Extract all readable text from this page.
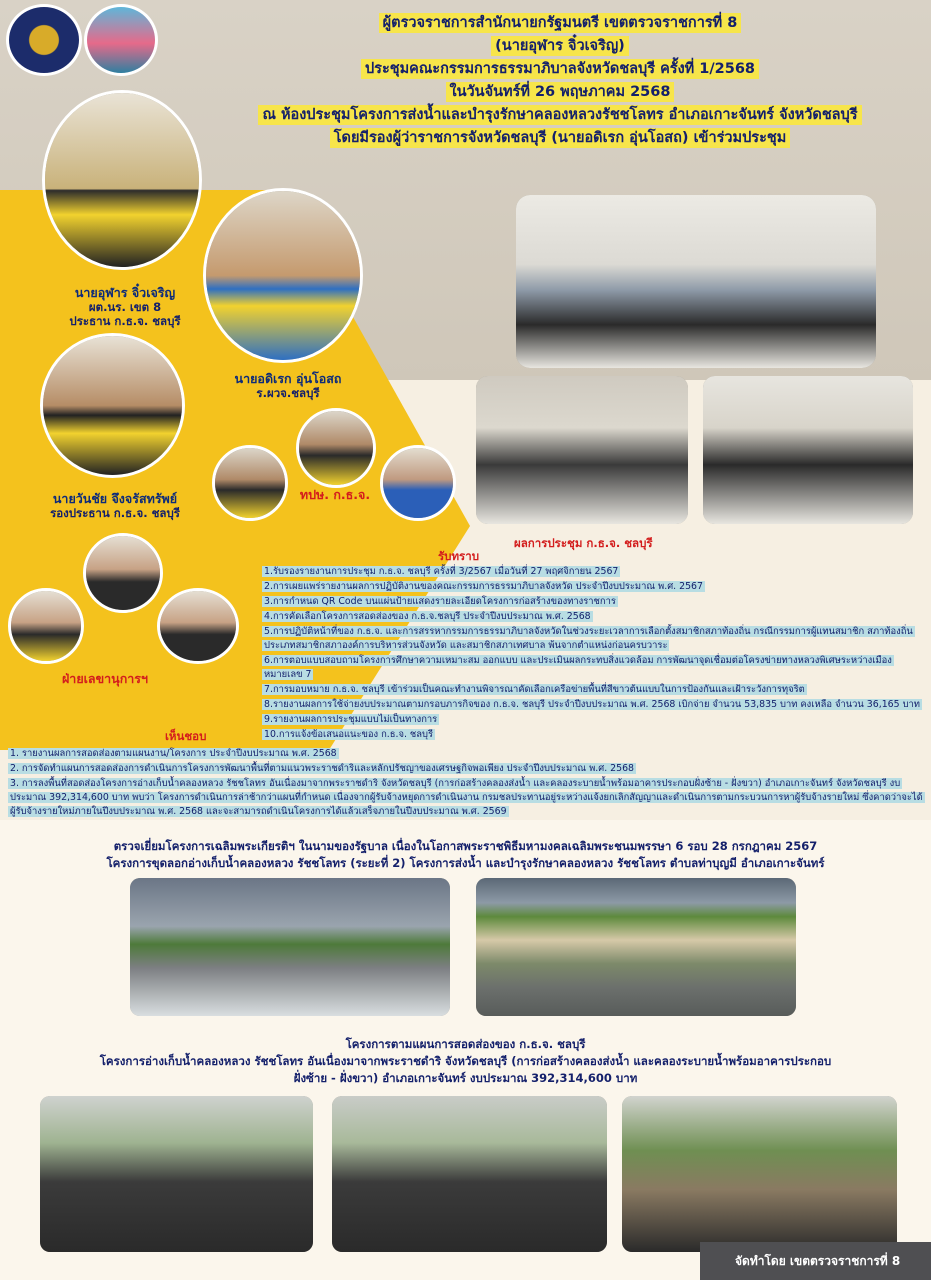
ผู้ตรวจราชการสำนักนายกรัฐมนตรี เขตตรวจราชการที่ 8
(นายอุฬาร จิ๋วเจริญ)
ประชุมคณะกรรมการธรรมาภิบาลจังหวัดชลบุรี ครั้งที่ 1/2568
ในวันจันทร์ที่ 26 พฤษภาคม 2568
ณ ห้องประชุมโครงการส่งน้ำและบำรุงรักษาคลองหลวงรัชชโลทร อำเภอเกาะจันทร์ จังหวัดชลบุรี
โดยมีรองผู้ว่าราชการจังหวัดชลบุรี (นายอดิเรก อุ่นโอสถ) เข้าร่วมประชุม
นายอุฬาร จิ๋วเจริญ
ผต.นร. เขต 8
ประธาน ก.ธ.จ. ชลบุรี
นายอดิเรก อุ่นโอสถ
ร.ผวจ.ชลบุรี
นายวันชัย จึงจรัสทรัพย์
รองประธาน ก.ธ.จ. ชลบุรี
ทปษ. ก.ธ.จ.
ฝ่ายเลขานุการฯ
ผลการประชุม ก.ธ.จ. ชลบุรี
รับทราบ
1.รับรองรายงานการประชุม ก.ธ.จ. ชลบุรี ครั้งที่ 3/2567 เมื่อวันที่ 27 พฤศจิกายน 2567
2.การเผยแพร่รายงานผลการปฏิบัติงานของคณะกรรมการธรรมาภิบาลจังหวัด ประจำปีงบประมาณ พ.ศ. 2567
3.การกำหนด QR Code บนแผ่นป้ายแสดงรายละเอียดโครงการก่อสร้างของทางราชการ
4.การคัดเลือกโครงการสอดส่องของ ก.ธ.จ.ชลบุรี ประจำปีงบประมาณ พ.ศ. 2568
5.การปฏิบัติหน้าที่ของ ก.ธ.จ. และการสรรหากรรมการธรรมาภิบาลจังหวัดในช่วงระยะเวลาการเลือกตั้งสมาชิกสภาท้องถิ่น กรณีกรรมการผู้แทนสมาชิก สภาท้องถิ่น ประเภทสมาชิกสภาองค์การบริหารส่วนจังหวัด และสมาชิกสภาเทศบาล พ้นจากตำแหน่งก่อนครบวาระ
6.การตอบแบบสอบถามโครงการศึกษาความเหมาะสม ออกแบบ และประเมินผลกระทบสิ่งแวดล้อม การพัฒนาจุดเชื่อมต่อโครงข่ายทางหลวงพิเศษระหว่างเมือง หมายเลข 7
7.การมอบหมาย ก.ธ.จ. ชลบุรี เข้าร่วมเป็นคณะทำงานพิจารณาคัดเลือกเครือข่ายพื้นที่สีขาวต้นแบบในการป้องกันและเฝ้าระวังการทุจริต
8.รายงานผลการใช้จ่ายงบประมาณตามกรอบภารกิจของ ก.ธ.จ. ชลบุรี ประจำปีงบประมาณ พ.ศ. 2568 เบิกจ่าย จำนวน 53,835 บาท คงเหลือ จำนวน 36,165 บาท
9.รายงานผลการประชุมแบบไม่เป็นทางการ
10.การแจ้งข้อเสนอแนะของ ก.ธ.จ. ชลบุรี
เห็นชอบ
1. รายงานผลการสอดส่องตามแผนงาน/โครงการ ประจำปีงบประมาณ พ.ศ. 2568
2. การจัดทำแผนการสอดส่องการดำเนินการโครงการพัฒนาพื้นที่ตามแนวพระราชดำริและหลักปรัชญาของเศรษฐกิจพอเพียง ประจำปีงบประมาณ พ.ศ. 2568
3. การลงพื้นที่สอดส่องโครงการอ่างเก็บน้ำคลองหลวง รัชชโลทร อันเนื่องมาจากพระราชดำริ จังหวัดชลบุรี (การก่อสร้างคลองส่งน้ำ และคลองระบายน้ำพร้อมอาคารประกอบฝั่งซ้าย - ฝั่งขวา) อำเภอเกาะจันทร์ จังหวัดชลบุรี งบประมาณ 392,314,600 บาท พบว่า โครงการดำเนินการล่าช้ากว่าแผนที่กำหนด เนื่องจากผู้รับจ้างหยุดการดำเนินงาน กรมชลประทานอยู่ระหว่างแจ้งยกเลิกสัญญาและดำเนินการตามกระบวนการหาผู้รับจ้างรายใหม่ ซึ่งคาดว่าจะได้ผู้รับจ้างรายใหม่ภายในปีงบประมาณ พ.ศ. 2568 และจะสามารถดำเนินโครงการได้แล้วเสร็จภายในปีงบประมาณ พ.ศ. 2569
ตรวจเยี่ยมโครงการเฉลิมพระเกียรติฯ ในนามของรัฐบาล เนื่องในโอกาสพระราชพิธีมหามงคลเฉลิมพระชนมพรรษา 6 รอบ 28 กรกฎาคม 2567
โครงการขุดลอกอ่างเก็บน้ำคลองหลวง รัชชโลทร (ระยะที่ 2) โครงการส่งน้ำ และบำรุงรักษาคลองหลวง รัชชโลทร ตำบลท่าบุญมี อำเภอเกาะจันทร์
โครงการตามแผนการสอดส่องของ ก.ธ.จ. ชลบุรี
โครงการอ่างเก็บน้ำคลองหลวง รัชชโลทร อันเนื่องมาจากพระราชดำริ จังหวัดชลบุรี (การก่อสร้างคลองส่งน้ำ และคลองระบายน้ำพร้อมอาคารประกอบ
ฝั่งซ้าย - ฝั่งขวา) อำเภอเกาะจันทร์ งบประมาณ 392,314,600 บาท
จัดทำโดย เขตตรวจราชการที่ 8
